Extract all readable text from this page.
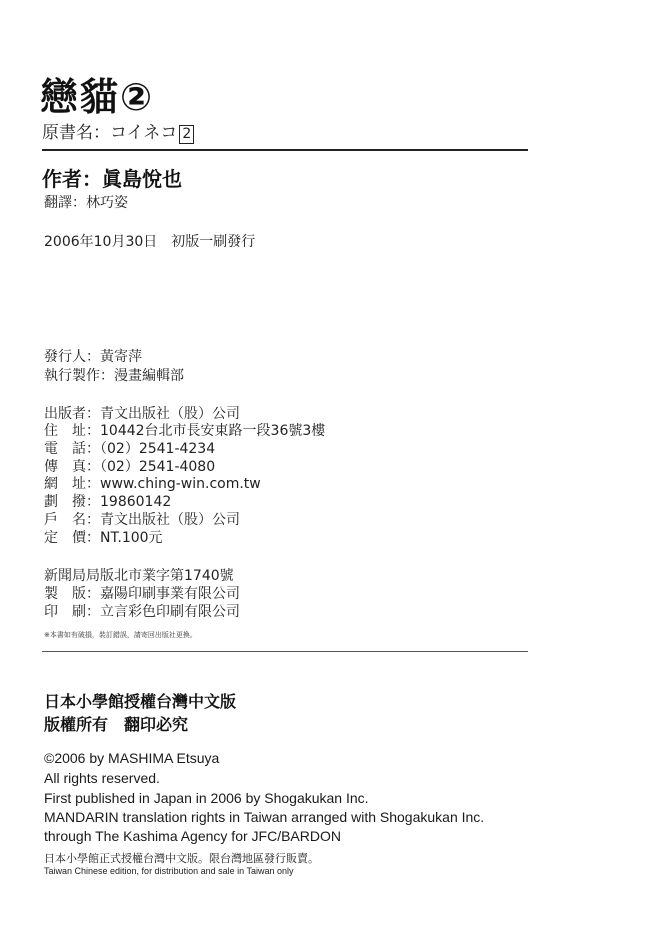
戀貓②
原書名：コイネコ 2
作者：眞島悅也
翻譯：林巧姿
2006年10月30日　初版一刷發行
發行人：黃寄萍
執行製作：漫畫編輯部
出版者：青文出版社（股）公司
住　址：10442台北市長安東路一段36號3樓
電　話：（02）2541-4234
傳　真：（02）2541-4080
網　址：www.ching-win.com.tw
劃　撥：19860142
戶　名：青文出版社（股）公司
定　價：NT.100元
新聞局局版北市業字第1740號
製　版：嘉陽印刷事業有限公司
印　刷：立言彩色印刷有限公司
※本書如有破損，裝訂錯誤，請寄回出版社更換。
日本小學館授權台灣中文版
版權所有　翻印必究
©2006 by MASHIMA Etsuya
All rights reserved.
First published in Japan in 2006 by Shogakukan Inc.
MANDARIN translation rights in Taiwan arranged with Shogakukan Inc.
through The Kashima Agency for JFC/BARDON
日本小學館正式授權台灣中文版。限台灣地區發行販賣。
Taiwan Chinese edition, for distribution and sale in Taiwan only
